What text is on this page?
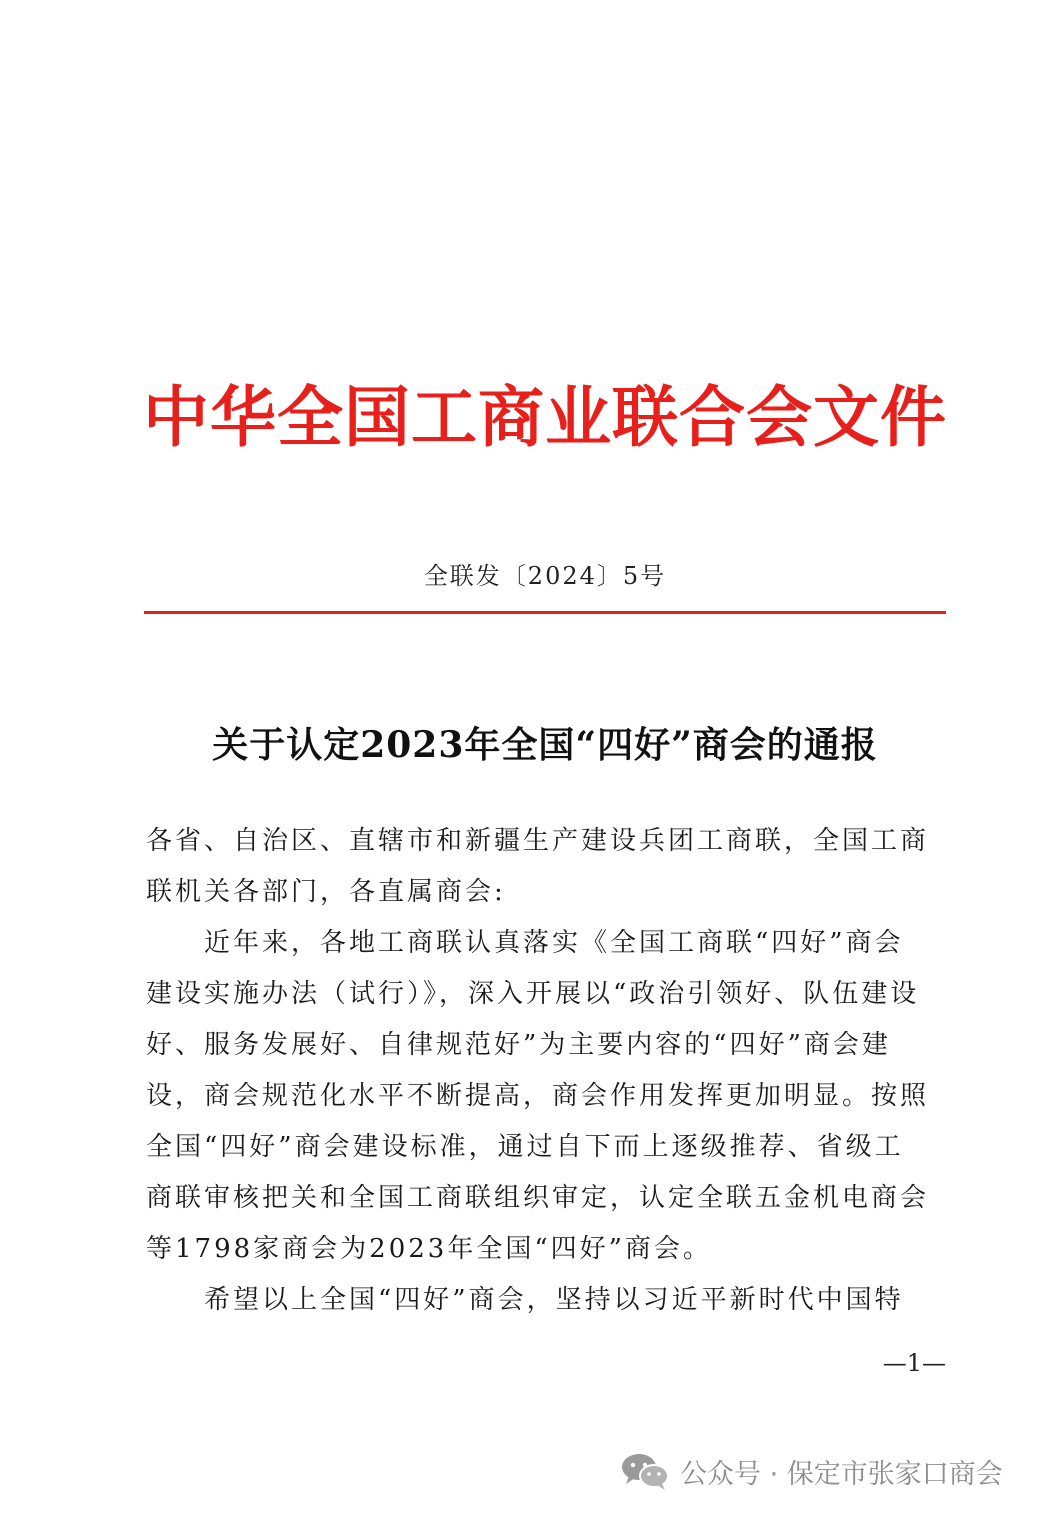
中华全国工商业联合会文件
全联发〔2024〕5号
关于认定2023年全国“四好”商会的通报
各省、自治区、直辖市和新疆生产建设兵团工商联，全国工商
联机关各部门，各直属商会:
近年来，各地工商联认真落实《全国工商联“四好”商会
建设实施办法（试行）》，深入开展以“政治引领好、队伍建设
好、服务发展好、自律规范好”为主要内容的“四好”商会建
设，商会规范化水平不断提高，商会作用发挥更加明显。按照
全国“四好”商会建设标准，通过自下而上逐级推荐、省级工
商联审核把关和全国工商联组织审定，认定全联五金机电商会
等1798家商会为2023年全国“四好”商会。
希望以上全国“四好”商会，坚持以习近平新时代中国特
—1—
公众号 · 保定市张家口商会
